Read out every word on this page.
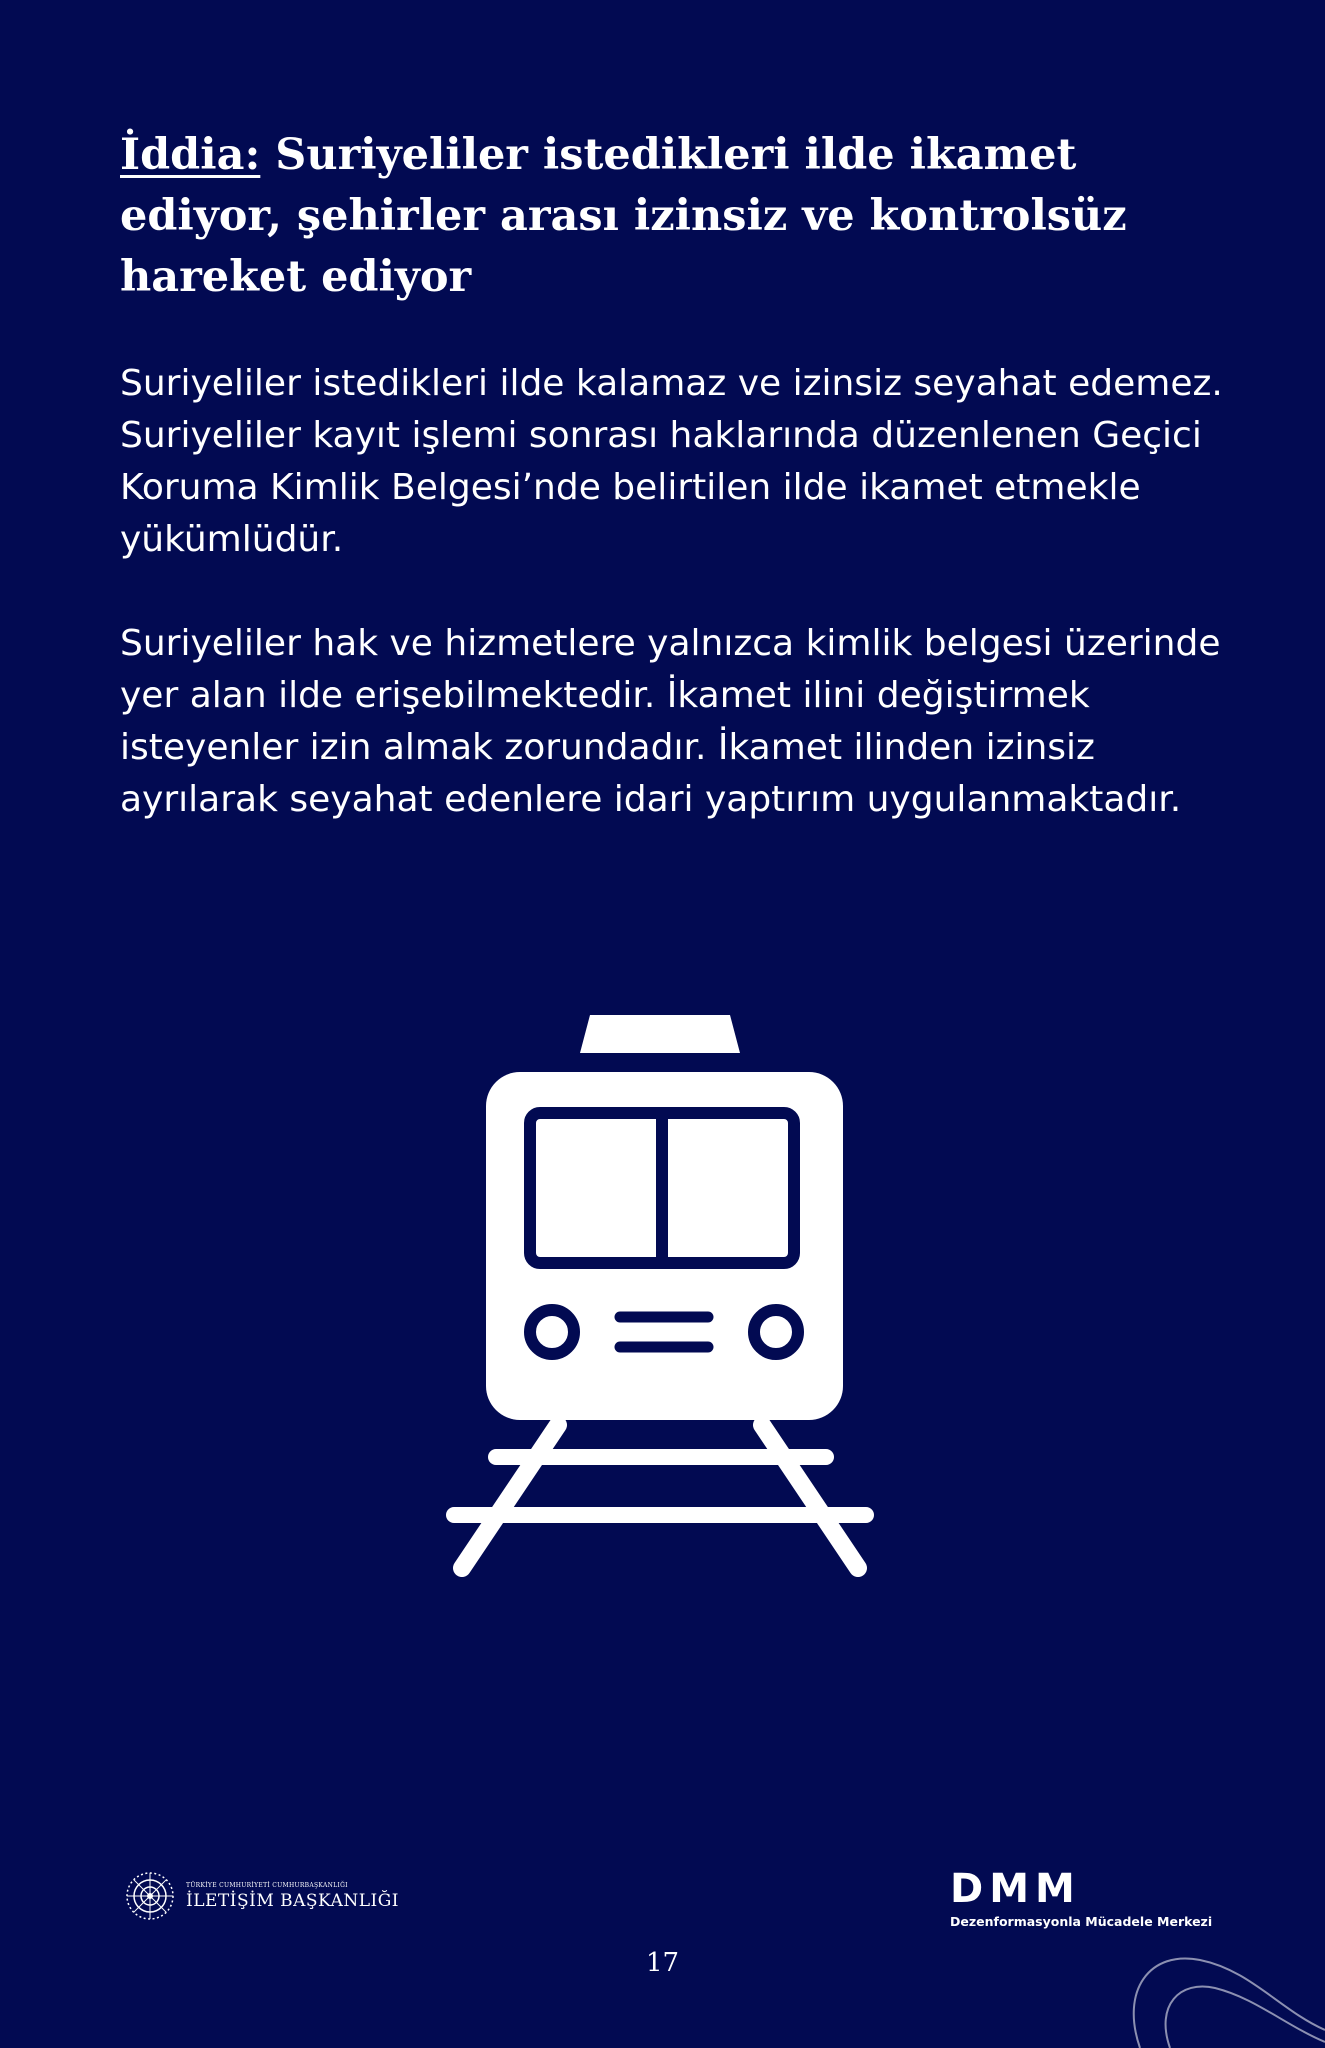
İddia: Suriyeliler istedikleri ilde ikamet ediyor, şehirler arası izinsiz ve kontrolsüz hareket ediyor

Suriyeliler istedikleri ilde kalamaz ve izinsiz seyahat edemez. Suriyeliler kayıt işlemi sonrası haklarında düzenlenen Geçici Koruma Kimlik Belgesi’nde belirtilen ilde ikamet etmekle yükümlüdür.

Suriyeliler hak ve hizmetlere yalnızca kimlik belgesi üzerinde yer alan ilde erişebilmektedir. İkamet ilini değiştirmek isteyenler izin almak zorundadır. İkamet ilinden izinsiz ayrılarak seyahat edenlere idari yaptırım uygulanmaktadır.

TÜRKİYE CUMHURİYETİ CUMHURBAŞKANLIĞI
İLETİŞİM BAŞKANLIĞI	DMM
Dezenformasyonla Mücadele Merkezi
17
